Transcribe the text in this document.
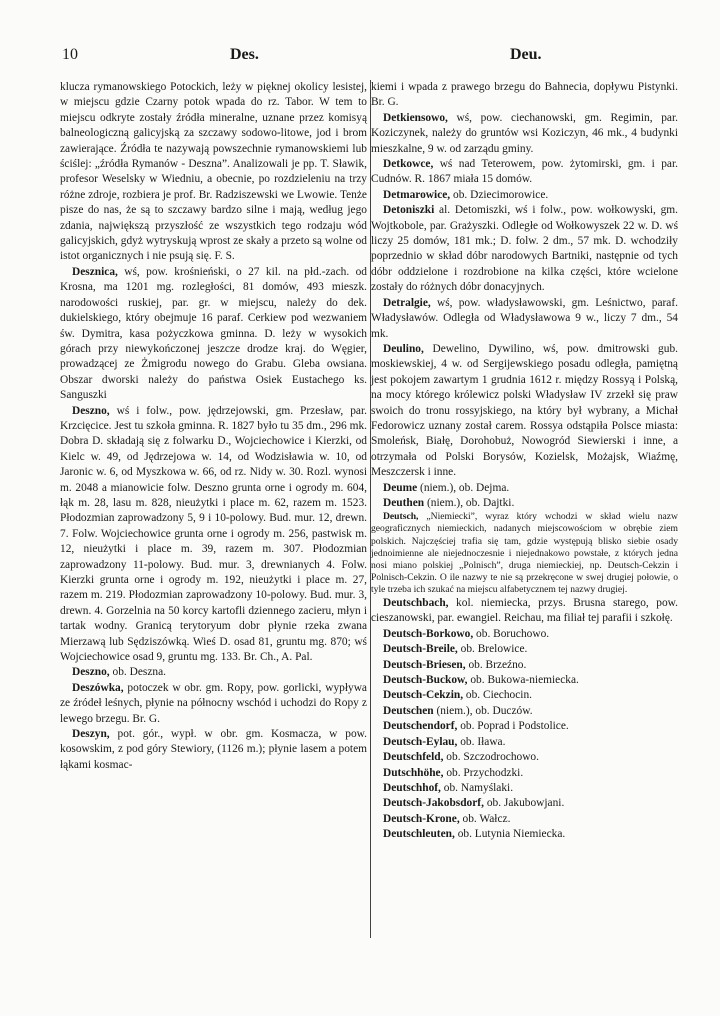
10	Des.	Deu.

klucza rymanowskiego Potockich, leży w pięknej okolicy lesistej, w miejscu gdzie Czarny potok wpada do rz. Tabor. W tem to miejscu odkryte zostały źródła mineralne, uznane przez komisyą balneologiczną galicyjską za szczawy sodowo-litowe, jod i brom zawierające. Źródła te nazywają powszechnie rymanowskiemi lub ściślej: „źródła Rymanów - Deszna”. Analizowali je pp. T. Sławik, profesor Weselsky w Wiedniu, a obecnie, po rozdzieleniu na trzy różne zdroje, rozbiera je prof. Br. Radziszewski we Lwowie. Tenże pisze do nas, że są to szczawy bardzo silne i mają, według jego zdania, największą przyszłość ze wszystkich tego rodzaju wód galicyjskich, gdyż wytryskują wprost ze skały a przeto są wolne od istot organicznych i nie psują się. F. S.

Desznica, wś, pow. krośnieński, o 27 kil. na płd.-zach. od Krosna, ma 1201 mg. rozległości, 81 domów, 493 mieszk. narodowości ruskiej, par. gr. w miejscu, należy do dek. dukielskiego, który obejmuje 16 paraf. Cerkiew pod wezwaniem św. Dymitra, kasa pożyczkowa gminna. D. leży w wysokich górach przy niewykończonej jeszcze drodze kraj. do Węgier, prowadzącej ze Żmigrodu nowego do Grabu. Gleba owsiana. Obszar dworski należy do państwa Osiek Eustachego ks. Sanguszki

Deszno, wś i folw., pow. jędrzejowski, gm. Przesław, par. Krzcięcice. Jest tu szkoła gminna. R. 1827 było tu 35 dm., 296 mk. Dobra D. składają się z folwarku D., Wojciechowice i Kierzki, od Kielc w. 49, od Jędrzejowa w. 14, od Wodzisławia w. 10, od Jaronic w. 6, od Myszkowa w. 66, od rz. Nidy w. 30. Rozl. wynosi m. 2048 a mianowicie folw. Deszno grunta orne i ogrody m. 604, łąk m. 28, lasu m. 828, nieużytki i place m. 62, razem m. 1523. Płodozmian zaprowadzony 5, 9 i 10-polowy. Bud. mur. 12, drewn. 7. Folw. Wojciechowice grunta orne i ogrody m. 256, pastwisk m. 12, nieużytki i place m. 39, razem m. 307. Płodozmian zaprowadzony 11-polowy. Bud. mur. 3, drewnianych 4. Folw. Kierzki grunta orne i ogrody m. 192, nieużytki i place m. 27, razem m. 219. Płodozmian zaprowadzony 10-polowy. Bud. mur. 3, drewn. 4. Gorzelnia na 50 korcy kartofli dziennego zacieru, młyn i tartak wodny. Granicą terytoryum dobr płynie rzeka zwana Mierzawą lub Sędziszówką. Wieś D. osad 81, gruntu mg. 870; wś Wojciechowice osad 9, gruntu mg. 133. Br. Ch., A. Pal.

Deszno, ob. Deszna.

Deszówka, potoczek w obr. gm. Ropy, pow. gorlicki, wypływa ze źródeł leśnych, płynie na północny wschód i uchodzi do Ropy z lewego brzegu. Br. G.

Deszyn, pot. gór., wypł. w obr. gm. Kosmacza, w pow. kosowskim, z pod góry Stewiory, (1126 m.); płynie lasem a potem łąkami kosmac-

kiemi i wpada z prawego brzegu do Bahnecia, dopływu Pistynki. Br. G.

Detkiensowo, wś, pow. ciechanowski, gm. Regimin, par. Koziczynek, należy do gruntów wsi Koziczyn, 46 mk., 4 budynki mieszkalne, 9 w. od zarządu gminy.

Detkowce, wś nad Teterowem, pow. żytomirski, gm. i par. Cudnów. R. 1867 miała 15 domów.

Detmarowice, ob. Dziecimorowice.

Detoniszki al. Detomiszki, wś i folw., pow. wołkowyski, gm. Wojtkobole, par. Grażyszki. Odległe od Wołkowyszek 22 w. D. wś liczy 25 domów, 181 mk.; D. folw. 2 dm., 57 mk. D. wchodziły poprzednio w skład dóbr narodowych Bartniki, następnie od tych dóbr oddzielone i rozdrobione na kilka części, które wcielone zostały do różnych dóbr donacyjnych.

Detralgie, wś, pow. władysławowski, gm. Leśnictwo, paraf. Władysławów. Odległa od Władysławowa 9 w., liczy 7 dm., 54 mk.

Deulino, Dewelino, Dywilino, wś, pow. dmitrowski gub. moskiewskiej, 4 w. od Sergijewskiego posadu odległa, pamiętną jest pokojem zawartym 1 grudnia 1612 r. między Rossyą i Polską, na mocy którego królewicz polski Władysław IV zrzekł się praw swoich do tronu rossyjskiego, na który był wybrany, a Michał Fedorowicz uznany został carem. Rossya odstąpiła Polsce miasta: Smoleńsk, Białę, Dorohobuż, Nowogród Siewierski i inne, a otrzymała od Polski Borysów, Kozielsk, Możajsk, Wiaźmę, Meszczersk i inne.

Deume (niem.), ob. Dejma.

Deuthen (niem.), ob. Dajtki.

Deutsch, „Niemiecki”, wyraz który wchodzi w skład wielu nazw geograficznych niemieckich, nadanych miejscowościom w obrębie ziem polskich. Najczęściej trafia się tam, gdzie występują blisko siebie osady jednoimienne ale niejednoczesnie i niejednakowo powstałe, z których jedna nosi miano polskiej „Polnisch”, druga niemieckiej, np. Deutsch-Cekzin i Polnisch-Cekzin. O ile nazwy te nie są przekręcone w swej drugiej połowie, o tyle trzeba ich szukać na miejscu alfabetycznem tej nazwy drugiej.

Deutschbach, kol. niemiecka, przys. Brusna starego, pow. cieszanowski, par. ewangiel. Reichau, ma filiał tej parafii i szkołę.

Deutsch-Borkowo, ob. Boruchowo.

Deutsch-Breile, ob. Brelowice.

Deutsch-Briesen, ob. Brzeźno.

Deutsch-Buckow, ob. Bukowa-niemiecka.

Deutsch-Cekzin, ob. Ciechocin.

Deutschen (niem.), ob. Duczów.

Deutschendorf, ob. Poprad i Podstolice.

Deutsch-Eylau, ob. Iława.

Deutschfeld, ob. Szczodrochowo.

Dutschhöhe, ob. Przychodzki.

Deutschhof, ob. Namyślaki.

Deutsch-Jakobsdorf, ob. Jakubowjani.

Deutsch-Krone, ob. Wałcz.

Deutschleuten, ob. Lutynia Niemiecka.
